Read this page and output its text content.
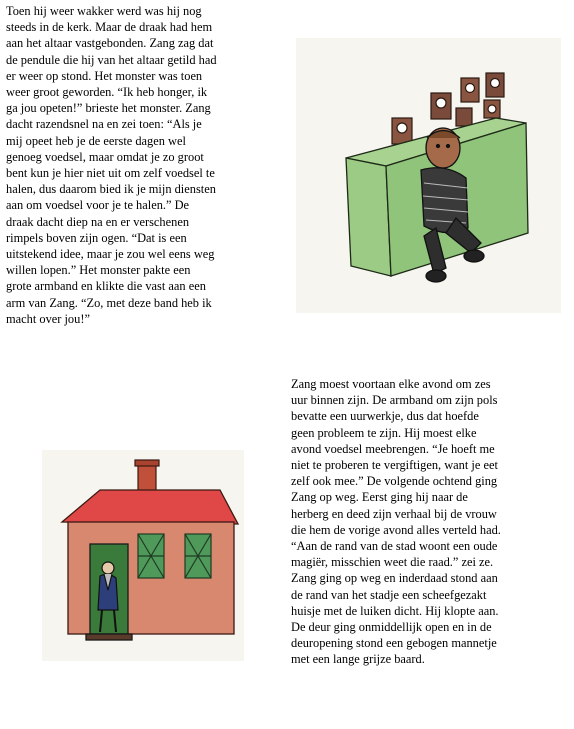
Toen hij weer wakker werd was hij nog
steeds in de kerk. Maar de draak had hem
aan het altaar vastgebonden. Zang zag dat
de pendule die hij van het altaar getild had
er weer op stond. Het monster was toen
weer groot geworden. “Ik heb honger, ik
ga jou opeten!” brieste het monster. Zang
dacht razendsnel na en zei toen: “Als je
mij opeet heb je de eerste dagen wel
genoeg voedsel, maar omdat je zo groot
bent kun je hier niet uit om zelf voedsel te
halen, dus daarom bied ik je mijn diensten
aan om voedsel voor je te halen.” De
draak dacht diep na en er verschenen
rimpels boven zijn ogen. “Dat is een
uitstekend idee, maar je zou wel eens weg
willen lopen.” Het monster pakte een
grote armband en klikte die vast aan een
arm van Zang. “Zo, met deze band heb ik
macht over jou!”
Zang moest voortaan elke avond om zes
uur binnen zijn. De armband om zijn pols
bevatte een uurwerkje, dus dat hoefde
geen probleem te zijn. Hij moest elke
avond voedsel meebrengen. “Je hoeft me
niet te proberen te vergiftigen, want je eet
zelf ook mee.” De volgende ochtend ging
Zang op weg. Eerst ging hij naar de
herberg en deed zijn verhaal bij de vrouw
die hem de vorige avond alles verteld had.
“Aan de rand van de stad woont een oude
magiër, misschien weet die raad.” zei ze.
Zang ging op weg en inderdaad stond aan
de rand van het stadje een scheefgezakt
huisje met de luiken dicht. Hij klopte aan.
De deur ging onmiddellijk open en in de
deuropening stond een gebogen mannetje
met een lange grijze baard.
